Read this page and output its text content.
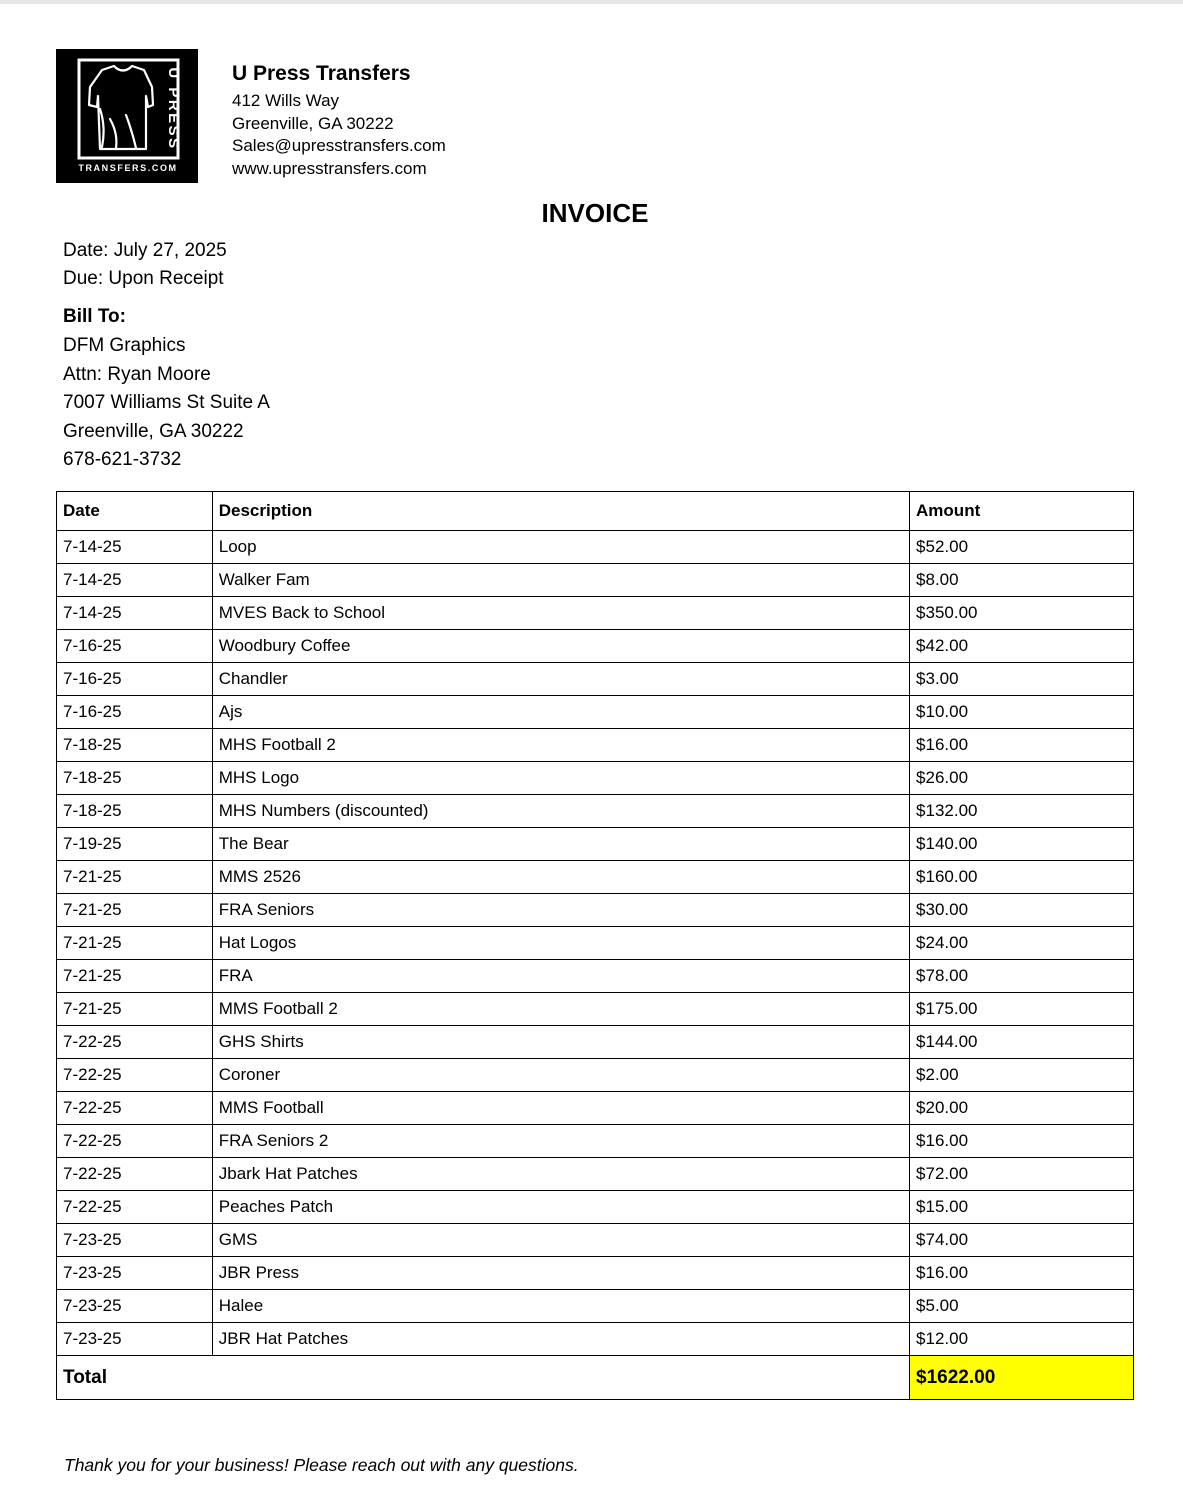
U PRESS
TRANSFERS.COM
U Press Transfers
412 Wills Way
Greenville, GA 30222
Sales@upresstransfers.com
www.upresstransfers.com
INVOICE
Date: July 27, 2025
Due: Upon Receipt
Bill To:
DFM Graphics
Attn: Ryan Moore
7007 Williams St Suite A
Greenville, GA 30222
678-621-3732
Date	Description	Amount
7-14-25	Loop	$52.00
7-14-25	Walker Fam	$8.00
7-14-25	MVES Back to School	$350.00
7-16-25	Woodbury Coffee	$42.00
7-16-25	Chandler	$3.00
7-16-25	Ajs	$10.00
7-18-25	MHS Football 2	$16.00
7-18-25	MHS Logo	$26.00
7-18-25	MHS Numbers (discounted)	$132.00
7-19-25	The Bear	$140.00
7-21-25	MMS 2526	$160.00
7-21-25	FRA Seniors	$30.00
7-21-25	Hat Logos	$24.00
7-21-25	FRA	$78.00
7-21-25	MMS Football 2	$175.00
7-22-25	GHS Shirts	$144.00
7-22-25	Coroner	$2.00
7-22-25	MMS Football	$20.00
7-22-25	FRA Seniors 2	$16.00
7-22-25	Jbark Hat Patches	$72.00
7-22-25	Peaches Patch	$15.00
7-23-25	GMS	$74.00
7-23-25	JBR Press	$16.00
7-23-25	Halee	$5.00
7-23-25	JBR Hat Patches	$12.00
Total		$1622.00
Thank you for your business! Please reach out with any questions.
